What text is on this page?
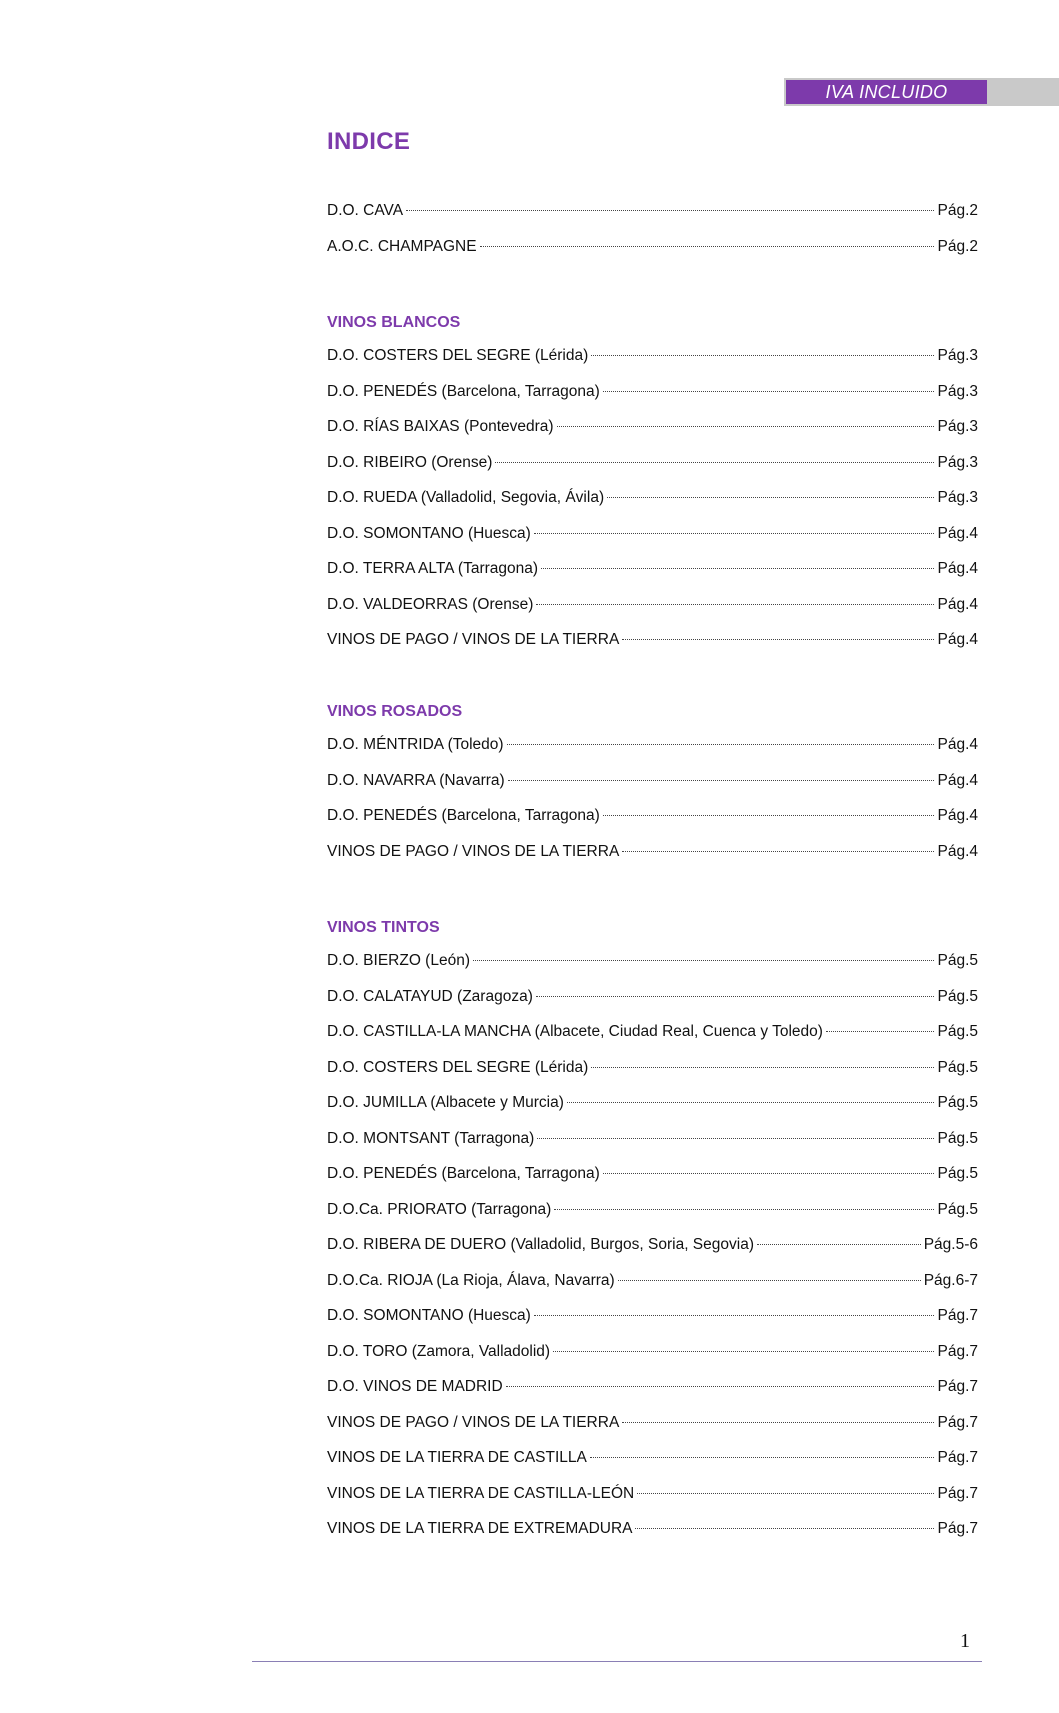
IVA INCLUIDO
INDICE
D.O. CAVA	Pág.2
A.O.C. CHAMPAGNE	Pág.2
VINOS BLANCOS
D.O. COSTERS DEL SEGRE (Lérida)	Pág.3
D.O. PENEDÉS (Barcelona, Tarragona)	Pág.3
D.O. RÍAS BAIXAS (Pontevedra)	Pág.3
D.O. RIBEIRO (Orense)	Pág.3
D.O. RUEDA (Valladolid, Segovia, Ávila)	Pág.3
D.O. SOMONTANO (Huesca)	Pág.4
D.O. TERRA ALTA (Tarragona)	Pág.4
D.O. VALDEORRAS (Orense)	Pág.4
VINOS DE PAGO / VINOS DE LA TIERRA	Pág.4
VINOS ROSADOS
D.O. MÉNTRIDA (Toledo)	Pág.4
D.O. NAVARRA (Navarra)	Pág.4
D.O. PENEDÉS (Barcelona, Tarragona)	Pág.4
VINOS DE PAGO / VINOS DE LA TIERRA	Pág.4
VINOS TINTOS
D.O. BIERZO (León)	Pág.5
D.O. CALATAYUD (Zaragoza)	Pág.5
D.O. CASTILLA-LA MANCHA (Albacete, Ciudad Real, Cuenca y Toledo)	Pág.5
D.O. COSTERS DEL SEGRE (Lérida)	Pág.5
D.O. JUMILLA (Albacete y Murcia)	Pág.5
D.O. MONTSANT (Tarragona)	Pág.5
D.O. PENEDÉS (Barcelona, Tarragona)	Pág.5
D.O.Ca. PRIORATO (Tarragona)	Pág.5
D.O. RIBERA DE DUERO (Valladolid, Burgos, Soria, Segovia)	Pág.5-6
D.O.Ca. RIOJA (La Rioja, Álava, Navarra)	Pág.6-7
D.O. SOMONTANO (Huesca)	Pág.7
D.O. TORO (Zamora, Valladolid)	Pág.7
D.O. VINOS DE MADRID	Pág.7
VINOS DE PAGO / VINOS DE LA TIERRA	Pág.7
VINOS DE LA TIERRA DE CASTILLA	Pág.7
VINOS DE LA TIERRA DE CASTILLA-LEÓN	Pág.7
VINOS DE LA TIERRA DE EXTREMADURA	Pág.7
1
